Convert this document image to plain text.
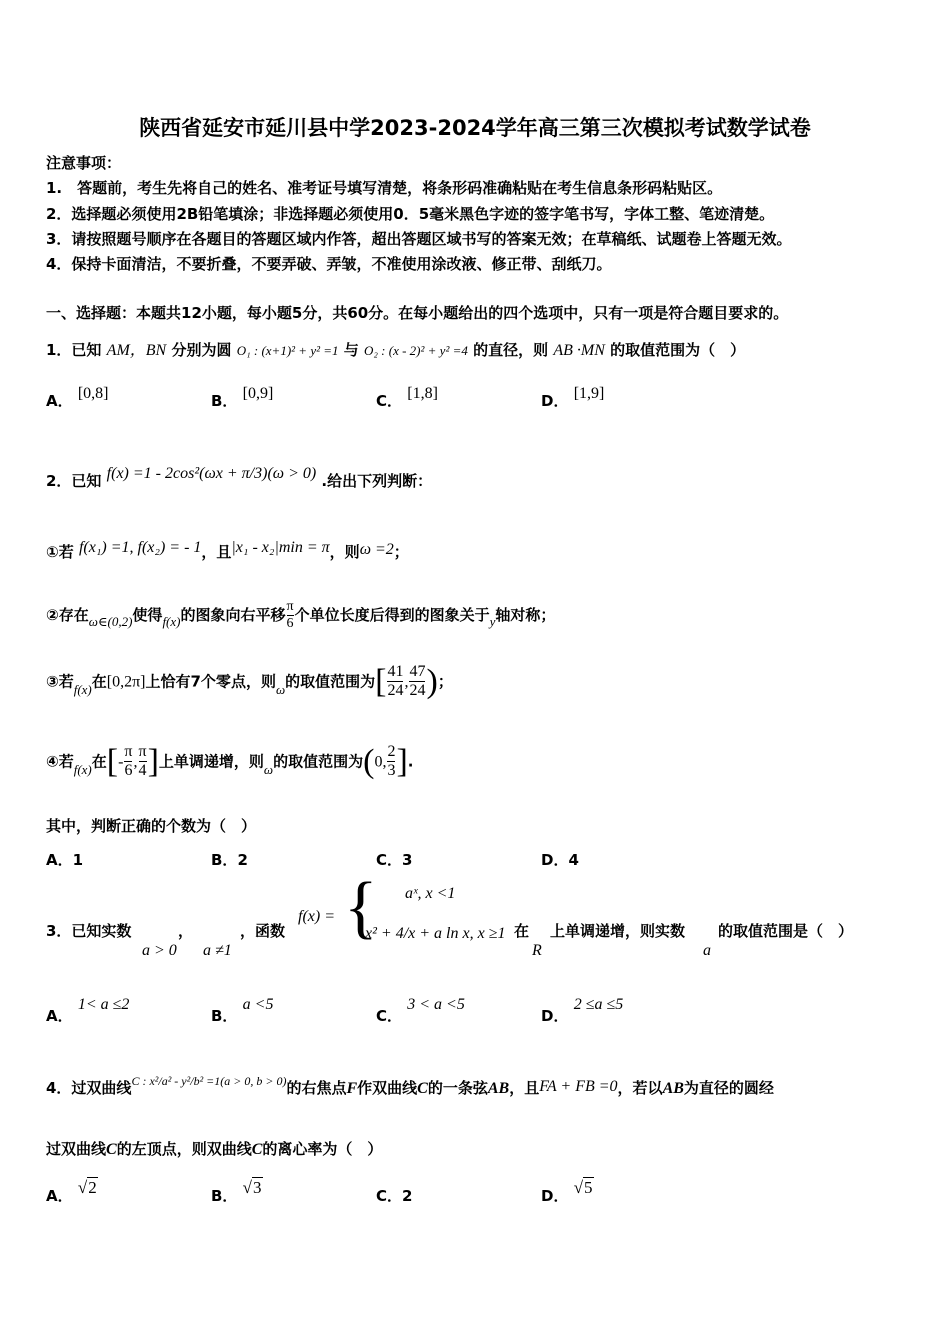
陕西省延安市延川县中学2023-2024学年高三第三次模拟考试数学试卷
注意事项：
1.　答题前，考生先将自己的姓名、准考证号填写清楚，将条形码准确粘贴在考生信息条形码粘贴区。
2．选择题必须使用2B铅笔填涂；非选择题必须使用0．5毫米黑色字迹的签字笔书写，字体工整、笔迹清楚。
3．请按照题号顺序在各题目的答题区域内作答，超出答题区域书写的答案无效；在草稿纸、试题卷上答题无效。
4．保持卡面清洁，不要折叠，不要弄破、弄皱，不准使用涂改液、修正带、刮纸刀。
一、选择题：本题共12小题，每小题5分，共60分。在每小题给出的四个选项中，只有一项是符合题目要求的。
1．已知 AM，BN 分别为圆 O₁ : (x+1)² + y² =1 与 O₂ : (x - 2)² + y² =4 的直径，则 AB ·MN 的取值范围为（　）
A． [0,8]	B． [0,9]	C． [1,8]	D． [1,9]
2．已知 f(x) =1 - 2cos²(ωx + π/3)(ω > 0) .给出下列判断：
①若 f(x₁) =1, f(x₂) = - 1，且|x₁ - x₂|min = π，则ω =2；
②存在ω∈(0,2)使得f(x)的图象向右平移 $\frac{\pi}{6}$ 个单位长度后得到的图象关于y轴对称；
③若f(x)在[0,2π]上恰有7个零点，则ω的取值范围为[ $\frac{41}{24}$ , $\frac{47}{24}$ )；
④若f(x)在[- $\frac{\pi}{6}$ , $\frac{\pi}{4}$ ]上单调递增，则ω的取值范围为(0, $\frac{2}{3}$ ].
其中，判断正确的个数为（　）
A．1	B．2	C．3	D．4
3．已知实数	，	，函数
a > 0 a ≠1
f(x) = { aˣ, x <1
x² + 4/x + a ln x, x ≥1 在
R
上单调递增，则实数
a
的取值范围是（　）
A． 1< a ≤2
B． a <5
C． 3 < a <5
D． 2 ≤a ≤5
4．过双曲线$^{C : x^2/a^2 - y^2/b^2 =1(a > 0, b > 0)}$的右焦点F作双曲线C的一条弦AB，且FA + FB =0，若以AB为直径的圆经
过双曲线C的左顶点，则双曲线C的离心率为（　）
A． √2	B． √3	C．2	D． √5
